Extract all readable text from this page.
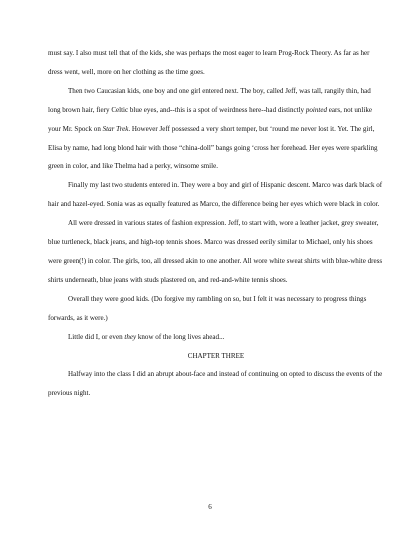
must say. I also must tell that of the kids, she was perhaps the most eager to learn Prog-Rock Theory. As far as her dress went, well, more on her clothing as the time goes.

Then two Caucasian kids, one boy and one girl entered next. The boy, called Jeff, was tall, rangily thin, had long brown hair, fiery Celtic blue eyes, and--this is a spot of weirdness here--had distinctly pointed ears, not unlike your Mr. Spock on Star Trek. However Jeff possessed a very short temper, but ‘round me never lost it. Yet. The girl, Elisa by name, had long blond hair with those “china-doll” bangs going ‘cross her forehead. Her eyes were sparkling green in color, and like Thelma had a perky, winsome smile.

Finally my last two students entered in. They were a boy and girl of Hispanic descent. Marco was dark black of hair and hazel-eyed. Sonia was as equally featured as Marco, the difference being her eyes which were black in color.

All were dressed in various states of fashion expression. Jeff, to start with, wore a leather jacket, grey sweater, blue turtleneck, black jeans, and high-top tennis shoes. Marco was dressed eerily similar to Michael, only his shoes were green(!) in color. The girls, too, all dressed akin to one another. All wore white sweat shirts with blue-white dress shirts underneath, blue jeans with studs plastered on, and red-and-white tennis shoes.

Overall they were good kids. (Do forgive my rambling on so, but I felt it was necessary to progress things forwards, as it were.)

Little did I, or even they know of the long lives ahead...

CHAPTER THREE

Halfway into the class I did an abrupt about-face and instead of continuing on opted to discuss the events of the previous night.

6
